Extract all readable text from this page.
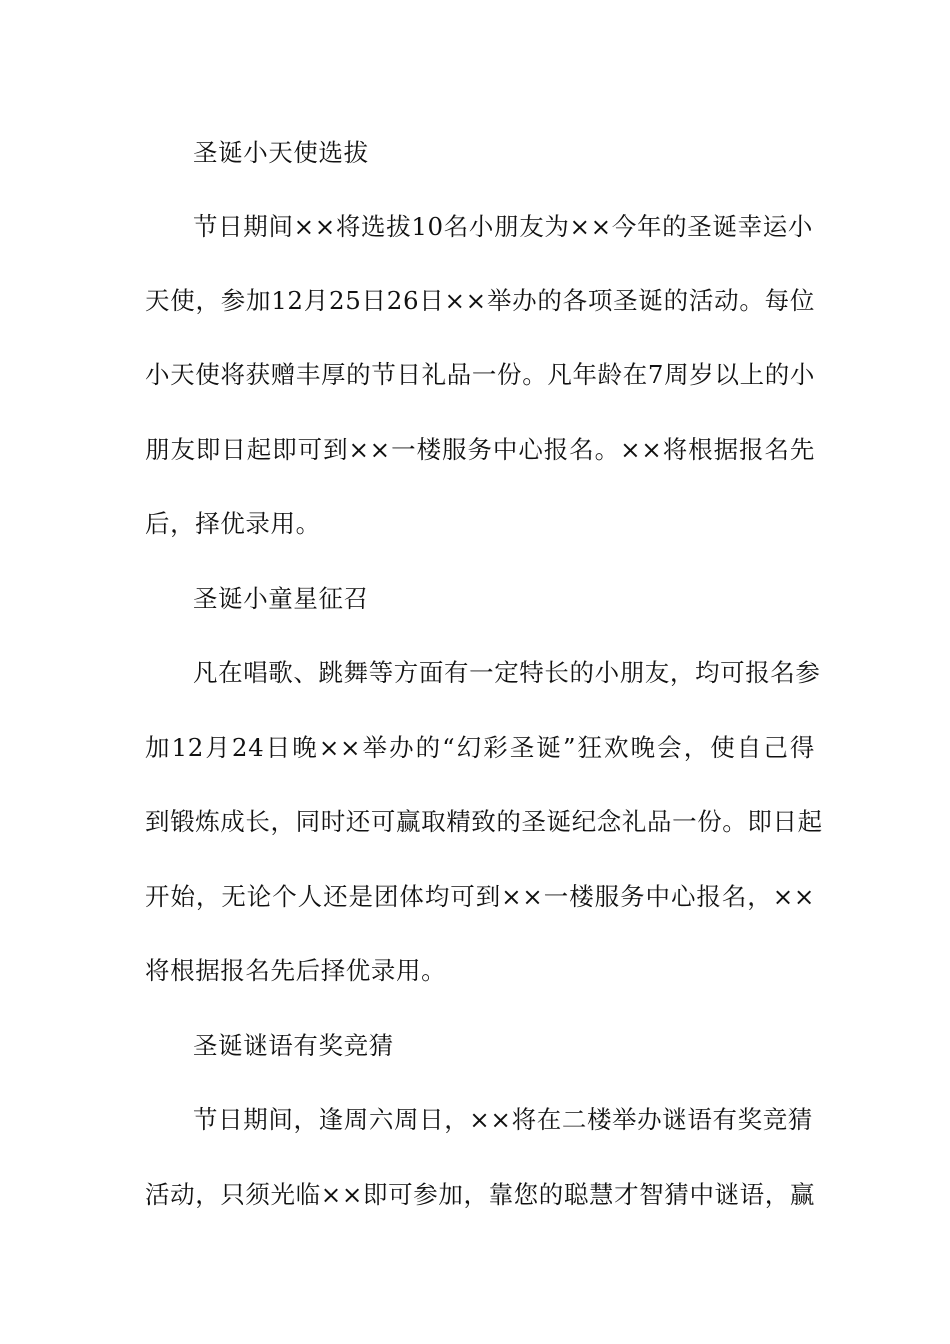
圣诞小天使选拔
节日期间××将选拔10名小朋友为××今年的圣诞幸运小
天使，参加12月25日26日××举办的各项圣诞的活动。每位
小天使将获赠丰厚的节日礼品一份。凡年龄在7周岁以上的小
朋友即日起即可到××一楼服务中心报名。××将根据报名先
后，择优录用。
圣诞小童星征召
凡在唱歌、跳舞等方面有一定特长的小朋友，均可报名参
加12月24日晚××举办的“幻彩圣诞”狂欢晚会，使自己得
到锻炼成长，同时还可赢取精致的圣诞纪念礼品一份。即日起
开始，无论个人还是团体均可到××一楼服务中心报名，××
将根据报名先后择优录用。
圣诞谜语有奖竞猜
节日期间，逢周六周日，××将在二楼举办谜语有奖竞猜
活动，只须光临××即可参加，靠您的聪慧才智猜中谜语，赢
